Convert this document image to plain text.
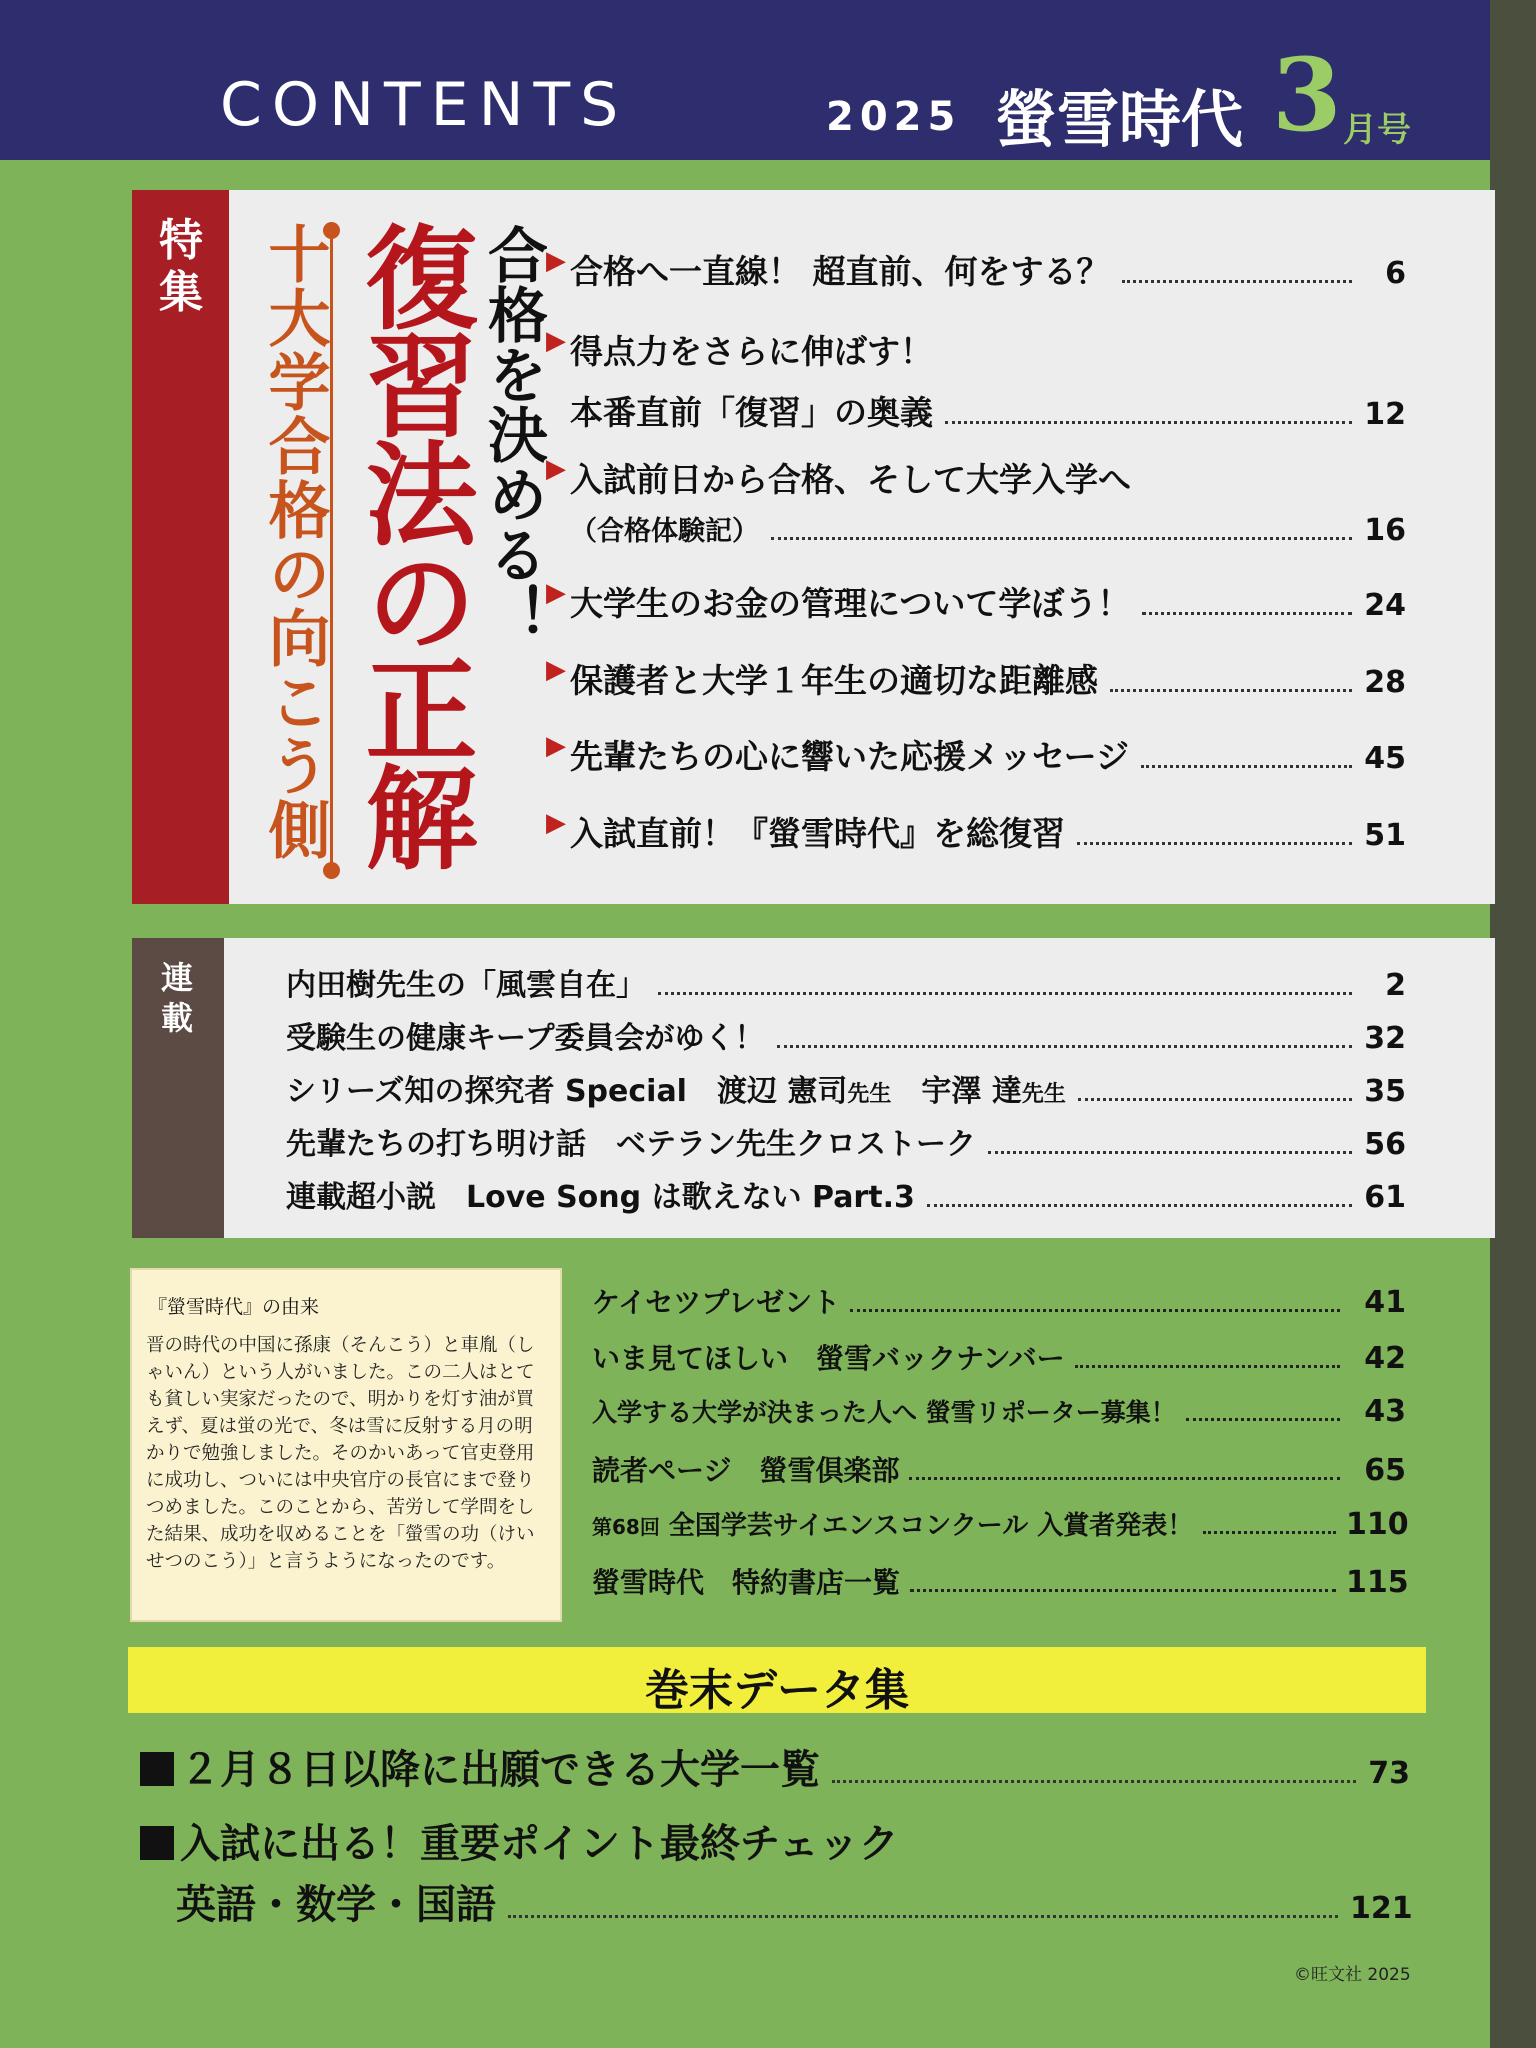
CONTENTS	2025 螢雪時代 3 月号
特
集 十大学合格の向こう側 復習法の正解 合格を決める！
▶ 合格へ一直線！ 超直前、何をする？	6
▶ 得点力をさらに伸ばす！
本番直前「復習」の奥義	12
▶ 入試前日から合格、そして大学入学へ
（合格体験記）	16
▶ 大学生のお金の管理について学ぼう！	24
▶ 保護者と大学１年生の適切な距離感	28
▶ 先輩たちの心に響いた応援メッセージ	45
▶ 入試直前！『螢雪時代』を総復習	51
連
載
内田樹先生の「風雲自在」	2
受験生の健康キープ委員会がゆく！	32
シリーズ知の探究者 Special　渡辺 憲司先生　宇澤 達先生	35
先輩たちの打ち明け話　ベテラン先生クロストーク	56
連載超小説　Love Song は歌えない Part.3	61
『螢雪時代』の由来
晋の時代の中国に孫康（そんこう）と車胤（しゃいん）という人がいました。この二人はとても貧しい実家だったので、明かりを灯す油が買えず、夏は蛍の光で、冬は雪に反射する月の明かりで勉強しました。そのかいあって官吏登用に成功し、ついには中央官庁の長官にまで登りつめました。このことから、苦労して学問をした結果、成功を収めることを「螢雪の功（けいせつのこう）」と言うようになったのです。
ケイセツプレゼント	41
いま見てほしい　螢雪バックナンバー	42
入学する大学が決まった人へ 螢雪リポーター募集！	43
読者ページ　螢雪倶楽部	65
第68回 全国学芸サイエンスコンクール 入賞者発表！	110
螢雪時代　特約書店一覧	115
巻末データ集
２月８日以降に出願できる大学一覧	73
入試に出る！重要ポイント最終チェック
英語・数学・国語	121
©旺文社 2025
